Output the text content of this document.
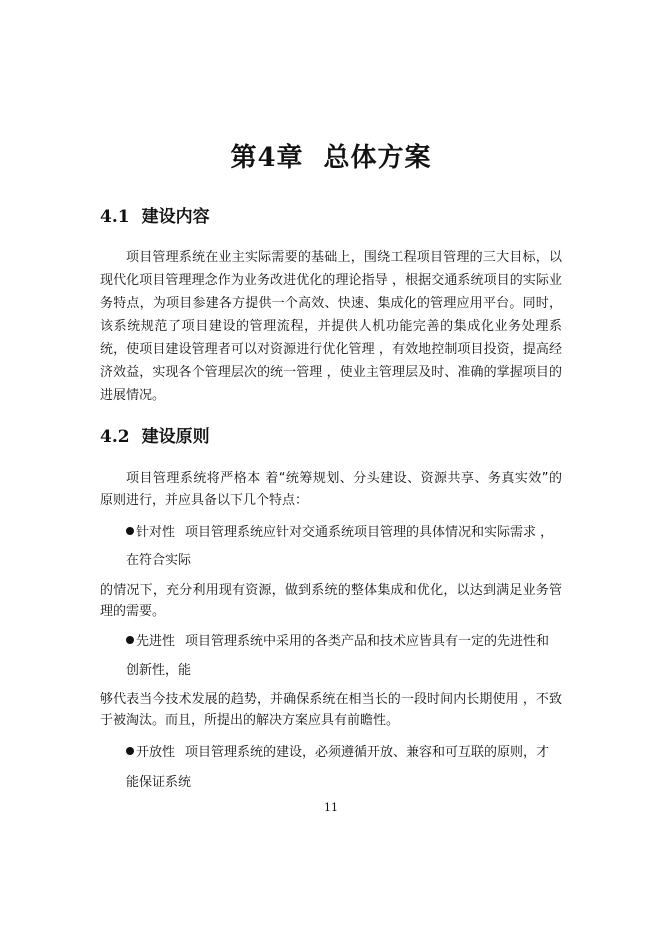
第4章 总体方案
4.1 建设内容
项目管理系统在业主实际需要的基础上，围绕工程项目管理的三大目标，以
现代化项目管理理念作为业务改进优化的理论指导 ，根据交通系统项目的实际业
务特点，为项目参建各方提供一个高效、快速、集成化的管理应用平台。同时，
该系统规范了项目建设的管理流程，并提供人机功能完善的集成化业务处理系
统，使项目建设管理者可以对资源进行优化管理 ，有效地控制项目投资，提高经
济效益，实现各个管理层次的统一管理 ，使业主管理层及时、准确的掌握项目的
进展情况。
4.2 建设原则
项目管理系统将严格本 着“统筹规划、分头建设、资源共享、务真实效”的
原则进行，并应具备以下几个特点：
针对性 项目管理系统应针对交通系统项目管理的具体情况和实际需求 ，
在符合实际
的情况下，充分利用现有资源，做到系统的整体集成和优化，以达到满足业务管
理的需要。
先进性 项目管理系统中采用的各类产品和技术应皆具有一定的先进性和
创新性，能
够代表当今技术发展的趋势，并确保系统在相当长的一段时间内长期使用 ，不致
于被淘汰。而且，所提出的解决方案应具有前瞻性。
开放性 项目管理系统的建设，必须遵循开放、兼容和可互联的原则，才
能保证系统
11
